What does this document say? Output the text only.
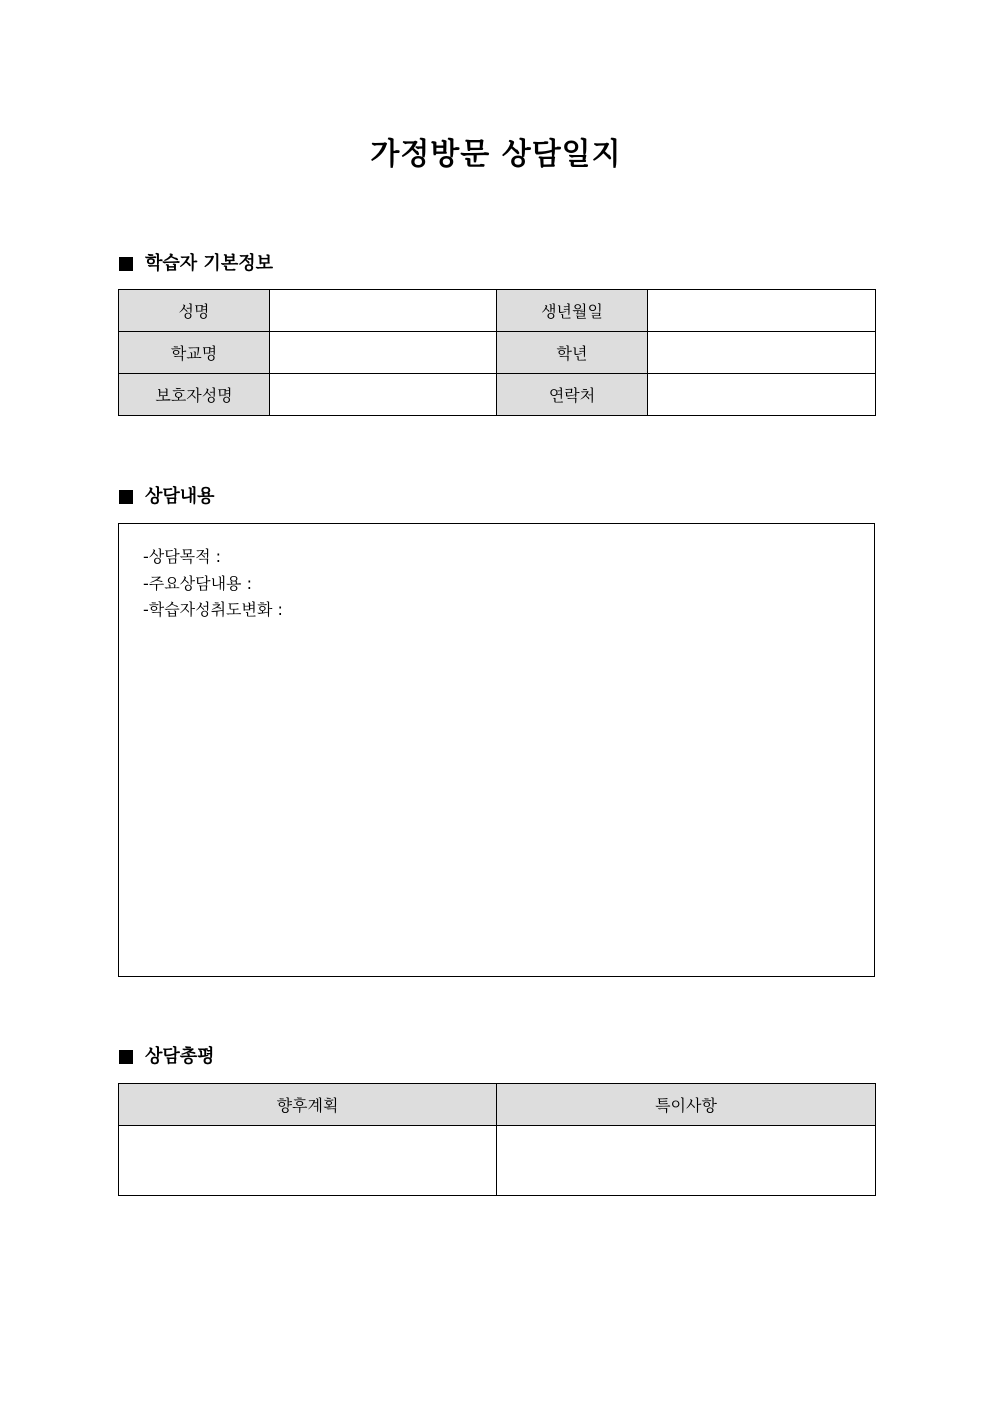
가정방문 상담일지
학습자 기본정보
성명		생년월일	
학교명		학년	
보호자성명		연락처	
상담내용
-상담목적 :
-주요상담내용 :
-학습자성취도변화 :
상담총평
향후계획	특이사항
